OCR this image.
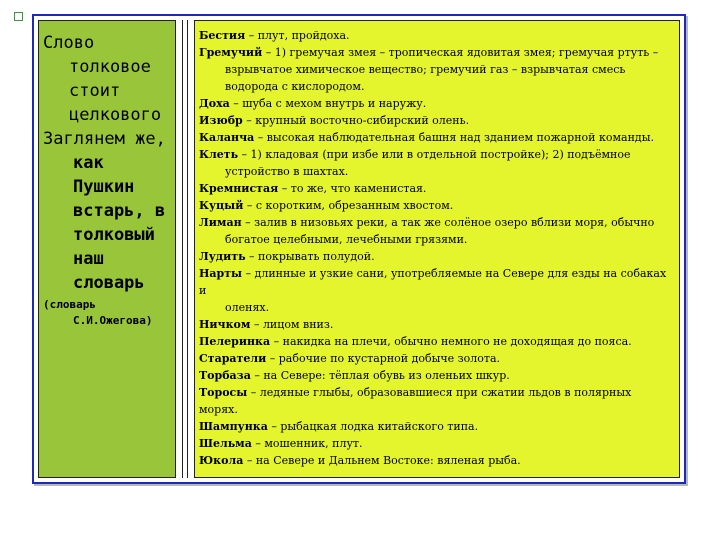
Слово

толковое

стоит

целкового

Заглянем же,

как

Пушкин

встарь, в

толковый

наш

словарь

(словарь

С.И.Ожегова)

Бестия – плут, пройдоха.

Гремучий – 1) гремучая змея – тропическая ядовитая змея; гремучая ртуть –
взрывчатое химическое вещество; гремучий газ – взрывчатая смесь водорода с кислородом.

Доха – шуба с мехом внутрь и наружу.

Изюбр – крупный восточно-сибирский олень.

Каланча – высокая наблюдательная башня над зданием пожарной команды.

Клеть – 1) кладовая (при избе или в отдельной постройке); 2) подъёмное
устройство в шахтах.

Кремнистая – то же, что каменистая.

Куцый – с коротким, обрезанным хвостом.

Лиман – залив в низовьях реки, а так же солёное озеро вблизи моря, обычно
богатое целебными, лечебными грязями.

Лудить – покрывать полудой.

Нарты – длинные и узкие сани, употребляемые на Севере для езды на собаках и
оленях.

Ничком – лицом вниз.

Пелеринка – накидка на плечи, обычно немного не доходящая до пояса.

Старатели – рабочие по кустарной добыче золота.

Торбаза – на Севере: тёплая обувь из оленьих шкур.

Торосы – ледяные глыбы, образовавшиеся при сжатии льдов в полярных морях.

Шампунка – рыбацкая лодка китайского типа.

Шельма – мошенник, плут.

Юкола – на Севере и Дальнем Востоке: вяленая рыба.
